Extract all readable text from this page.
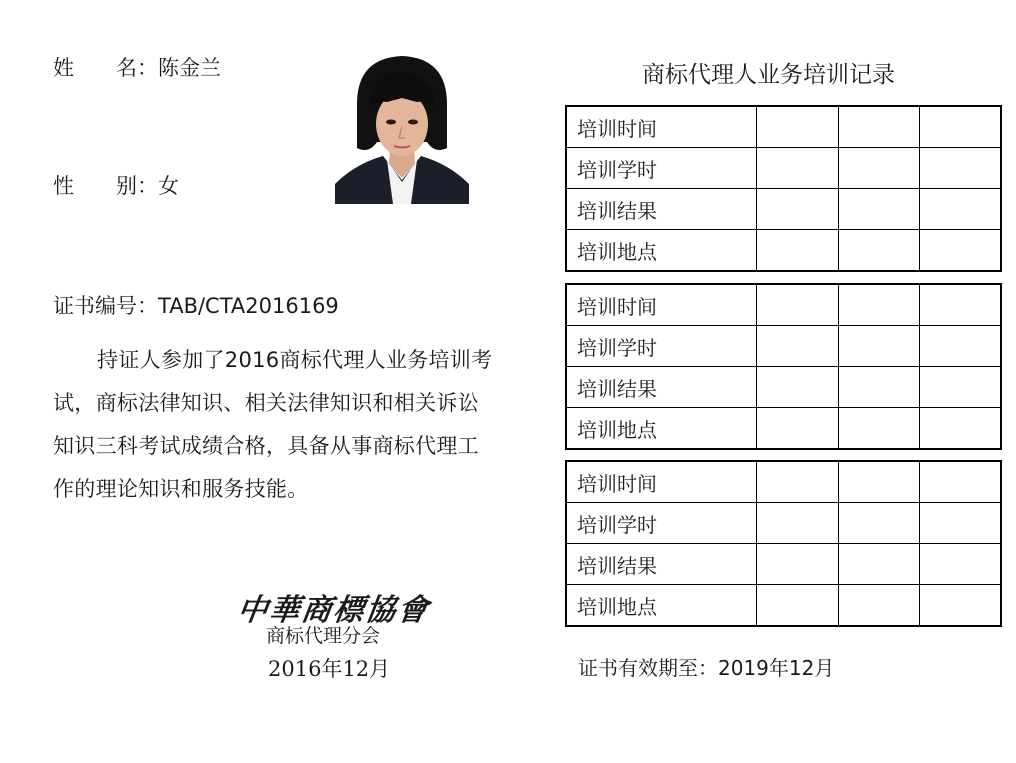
姓　　名：陈金兰
性　　别：女
证书编号：TAB/CTA2016169
持证人参加了2016商标代理人业务培训考试，商标法律知识、相关法律知识和相关诉讼知识三科考试成绩合格，具备从事商标代理工作的理论知识和服务技能。
中華商標協會
商标代理分会
2016年12月
商标代理人业务培训记录
培训时间			
培训学时			
培训结果			
培训地点			
培训时间			
培训学时			
培训结果			
培训地点			
培训时间			
培训学时			
培训结果			
培训地点			
证书有效期至：2019年12月
